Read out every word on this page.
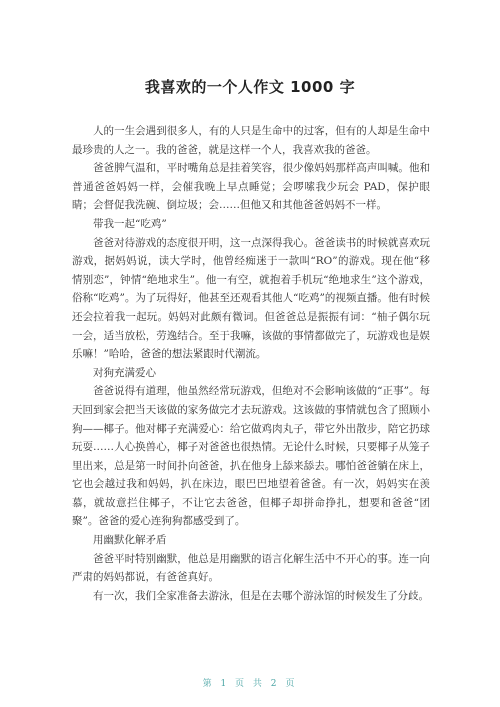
我喜欢的一个人作文 1000 字

人的一生会遇到很多人，有的人只是生命中的过客，但有的人却是生命中最珍贵的人之一。我的爸爸，就是这样一个人，我喜欢我的爸爸。

爸爸脾气温和，平时嘴角总是挂着笑容，很少像妈妈那样高声叫喊。他和普通爸爸妈妈一样，会催我晚上早点睡觉；会啰嗦我少玩会 PAD，保护眼睛；会督促我洗碗、倒垃圾；会……但他又和其他爸爸妈妈不一样。

带我一起“吃鸡”

爸爸对待游戏的态度很开明，这一点深得我心。爸爸读书的时候就喜欢玩游戏，据妈妈说，读大学时，他曾经痴迷于一款叫“RO”的游戏。现在他“移情别恋”，钟情“绝地求生”。他一有空，就抱着手机玩“绝地求生”这个游戏，俗称“吃鸡”。为了玩得好，他甚至还观看其他人“吃鸡”的视频直播。他有时候还会拉着我一起玩。妈妈对此颇有微词。但爸爸总是振振有词：“柚子偶尔玩一会，适当放松，劳逸结合。至于我嘛，该做的事情都做完了，玩游戏也是娱乐嘛！”哈哈，爸爸的想法紧跟时代潮流。

对狗充满爱心

爸爸说得有道理，他虽然经常玩游戏，但绝对不会影响该做的“正事”。每天回到家会把当天该做的家务做完才去玩游戏。这该做的事情就包含了照顾小狗——椰子。他对椰子充满爱心：给它做鸡肉丸子，带它外出散步，陪它扔球玩耍……人心换兽心，椰子对爸爸也很热情。无论什么时候，只要椰子从笼子里出来，总是第一时间扑向爸爸，扒在他身上舔来舔去。哪怕爸爸躺在床上，它也会越过我和妈妈，扒在床边，眼巴巴地望着爸爸。有一次，妈妈实在羡慕，就故意拦住椰子，不让它去爸爸，但椰子却拼命挣扎，想要和爸爸“团聚”。爸爸的爱心连狗狗都感受到了。

用幽默化解矛盾

爸爸平时特别幽默，他总是用幽默的语言化解生活中不开心的事。连一向严肃的妈妈都说，有爸爸真好。

有一次，我们全家准备去游泳，但是在去哪个游泳馆的时候发生了分歧。

第 1 页 共 2 页
